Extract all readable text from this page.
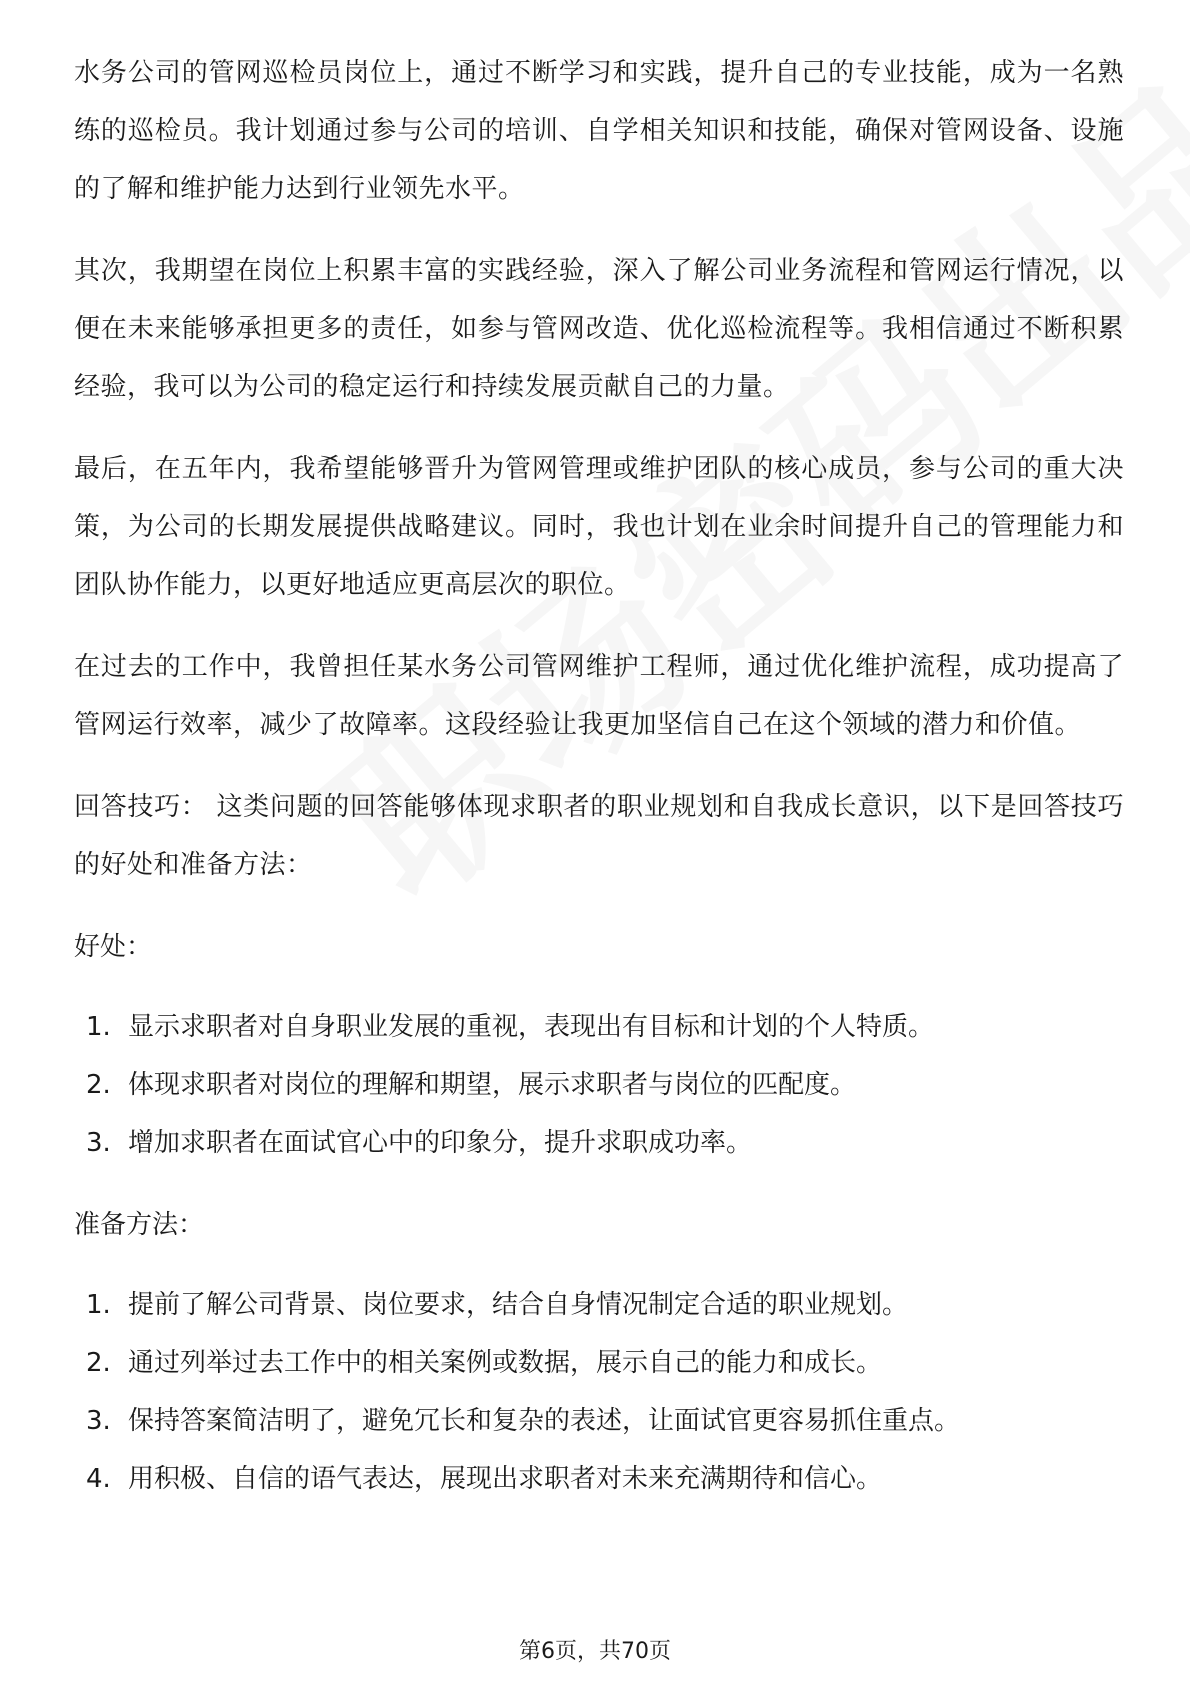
水务公司的管网巡检员岗位上，通过不断学习和实践，提升自己的专业技能，成为一名熟练的巡检员。我计划通过参与公司的培训、自学相关知识和技能，确保对管网设备、设施的了解和维护能力达到行业领先水平。

其次，我期望在岗位上积累丰富的实践经验，深入了解公司业务流程和管网运行情况，以便在未来能够承担更多的责任，如参与管网改造、优化巡检流程等。我相信通过不断积累经验，我可以为公司的稳定运行和持续发展贡献自己的力量。

最后，在五年内，我希望能够晋升为管网管理或维护团队的核心成员，参与公司的重大决策，为公司的长期发展提供战略建议。同时，我也计划在业余时间提升自己的管理能力和团队协作能力，以更好地适应更高层次的职位。

在过去的工作中，我曾担任某水务公司管网维护工程师，通过优化维护流程，成功提高了管网运行效率，减少了故障率。这段经验让我更加坚信自己在这个领域的潜力和价值。

回答技巧： 这类问题的回答能够体现求职者的职业规划和自我成长意识，以下是回答技巧的好处和准备方法：

好处：

1. 显示求职者对自身职业发展的重视，表现出有目标和计划的个人特质。
2. 体现求职者对岗位的理解和期望，展示求职者与岗位的匹配度。
3. 增加求职者在面试官心中的印象分，提升求职成功率。

准备方法：

1. 提前了解公司背景、岗位要求，结合自身情况制定合适的职业规划。
2. 通过列举过去工作中的相关案例或数据，展示自己的能力和成长。
3. 保持答案简洁明了，避免冗长和复杂的表述，让面试官更容易抓住重点。
4. 用积极、自信的语气表达，展现出求职者对未来充满期待和信心。
第6页，共70页
